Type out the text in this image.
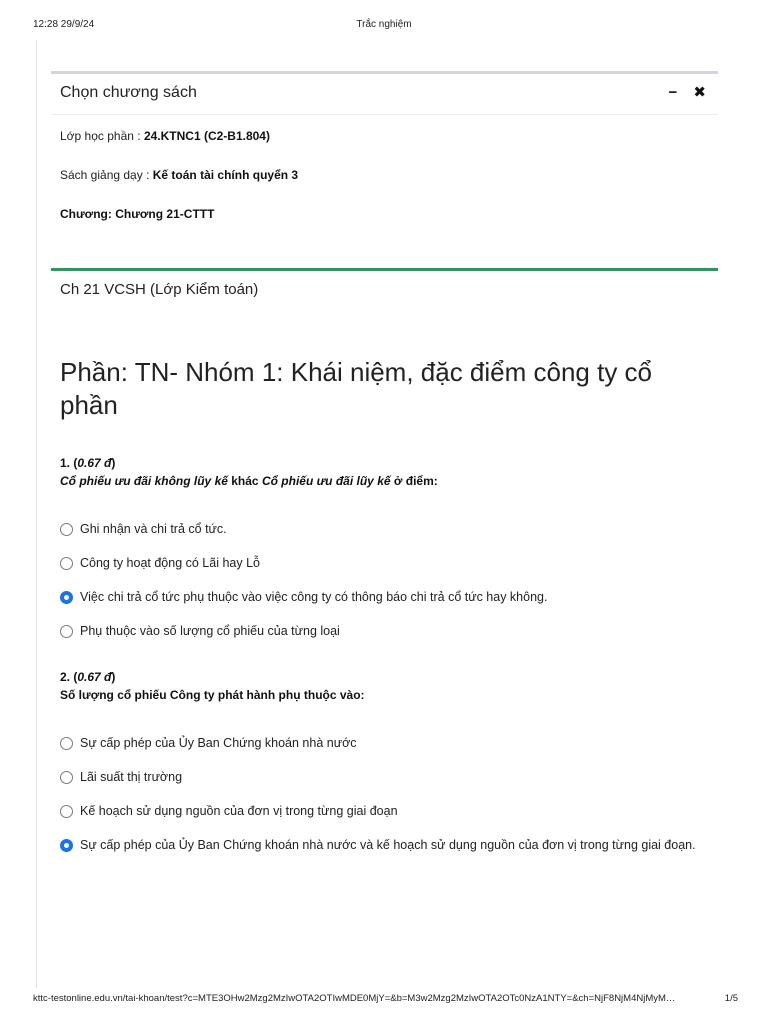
12:28 29/9/24	Trắc nghiệm
Chọn chương sách	− ✖
Lớp học phần : 24.KTNC1 (C2-B1.804)
Sách giảng dạy : Kế toán tài chính quyển 3
Chương: Chương 21-CTTT
Ch 21 VCSH (Lớp Kiểm toán)
Phần: TN- Nhóm 1: Khái niệm, đặc điểm công ty cổ phần
1. (0.67 đ)
Cổ phiếu ưu đãi không lũy kế khác Cổ phiếu ưu đãi lũy kế ở điểm:
Ghi nhận và chi trả cổ tức.
Công ty hoạt động có Lãi hay Lỗ
Việc chi trả cổ tức phụ thuộc vào việc công ty có thông báo chi trả cổ tức hay không.
Phụ thuộc vào số lượng cổ phiếu của từng loại
2. (0.67 đ)
Số lượng cổ phiếu Công ty phát hành phụ thuộc vào:
Sự cấp phép của Ủy Ban Chứng khoán nhà nước
Lãi suất thị trường
Kế hoạch sử dụng nguồn của đơn vị trong từng giai đoạn
Sự cấp phép của Ủy Ban Chứng khoán nhà nước và kế hoạch sử dụng nguồn của đơn vị trong từng giai đoạn.
kttc-testonline.edu.vn/tai-khoan/test?c=MTE3OHw2Mzg2MzIwOTA2OTIwMDE0MjY=&b=M3w2Mzg2MzIwOTA2OTc0NzA1NTY=&ch=NjF8NjM4NjMyM…	1/5
